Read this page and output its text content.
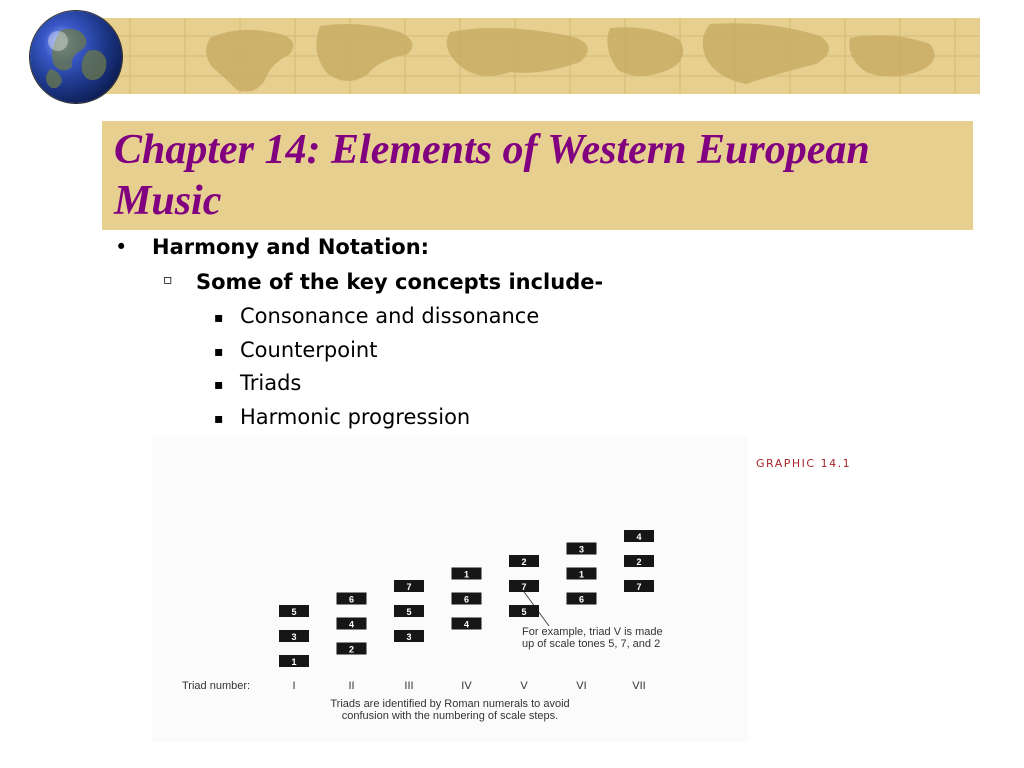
Chapter 14: Elements of Western European Music
• Harmony and Notation:
▫ Some of the key concepts include-
▪ Consonance and dissonance
▪ Counterpoint
▪ Triads
▪ Harmonic progression
Triad number:
For example, triad V is made
up of scale tones 5, 7, and 2
Triads are identified by Roman numerals to avoid
confusion with the numbering of scale steps.
I
1
3
5
II
2
4
6
III
3
5
7
IV
4
6
1
V
5
7
2
VI
6
1
3
VII
7
2
4
GRAPHIC 14.1
